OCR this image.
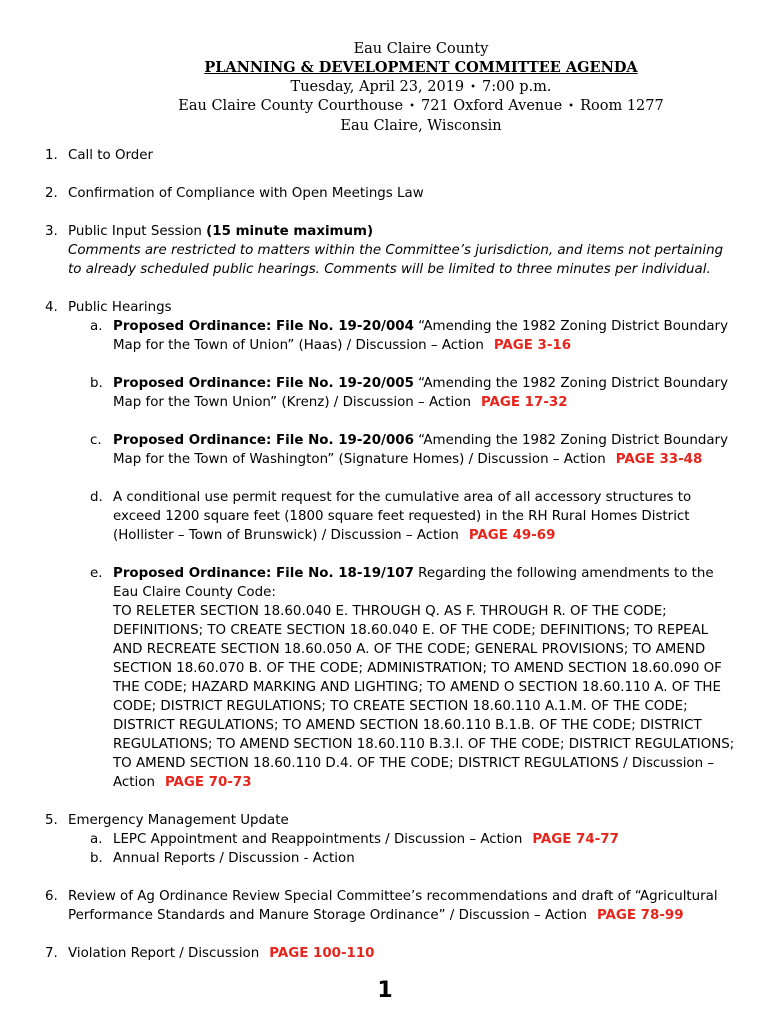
Eau Claire County
PLANNING & DEVELOPMENT COMMITTEE AGENDA
Tuesday, April 23, 2019 • 7:00 p.m.
Eau Claire County Courthouse • 721 Oxford Avenue • Room 1277
Eau Claire, Wisconsin
1. Call to Order
2. Confirmation of Compliance with Open Meetings Law
3. Public Input Session (15 minute maximum)
Comments are restricted to matters within the Committee’s jurisdiction, and items not pertaining to already scheduled public hearings. Comments will be limited to three minutes per individual.
4. Public Hearings
a. Proposed Ordinance: File No. 19-20/004 “Amending the 1982 Zoning District Boundary Map for the Town of Union” (Haas) / Discussion – Action PAGE 3-16
b. Proposed Ordinance: File No. 19-20/005 “Amending the 1982 Zoning District Boundary Map for the Town Union” (Krenz) / Discussion – Action PAGE 17-32
c. Proposed Ordinance: File No. 19-20/006 “Amending the 1982 Zoning District Boundary Map for the Town of Washington” (Signature Homes) / Discussion – Action PAGE 33-48
d. A conditional use permit request for the cumulative area of all accessory structures to exceed 1200 square feet (1800 square feet requested) in the RH Rural Homes District (Hollister – Town of Brunswick) / Discussion – Action PAGE 49-69
e. Proposed Ordinance: File No. 18-19/107 Regarding the following amendments to the Eau Claire County Code:
TO RELETER SECTION 18.60.040 E. THROUGH Q. AS F. THROUGH R. OF THE CODE; DEFINITIONS; TO CREATE SECTION 18.60.040 E. OF THE CODE; DEFINITIONS; TO REPEAL AND RECREATE SECTION 18.60.050 A. OF THE CODE; GENERAL PROVISIONS; TO AMEND SECTION 18.60.070 B. OF THE CODE; ADMINISTRATION; TO AMEND SECTION 18.60.090 OF THE CODE; HAZARD MARKING AND LIGHTING; TO AMEND O SECTION 18.60.110 A. OF THE CODE; DISTRICT REGULATIONS; TO CREATE SECTION 18.60.110 A.1.M. OF THE CODE; DISTRICT REGULATIONS; TO AMEND SECTION 18.60.110 B.1.B. OF THE CODE; DISTRICT REGULATIONS; TO AMEND SECTION 18.60.110 B.3.I. OF THE CODE; DISTRICT REGULATIONS; TO AMEND SECTION 18.60.110 D.4. OF THE CODE; DISTRICT REGULATIONS / Discussion – Action PAGE 70-73
5. Emergency Management Update
a. LEPC Appointment and Reappointments / Discussion – Action PAGE 74-77
b. Annual Reports / Discussion - Action
6. Review of Ag Ordinance Review Special Committee’s recommendations and draft of “Agricultural Performance Standards and Manure Storage Ordinance” / Discussion – Action PAGE 78-99
7. Violation Report / Discussion PAGE 100-110
1
